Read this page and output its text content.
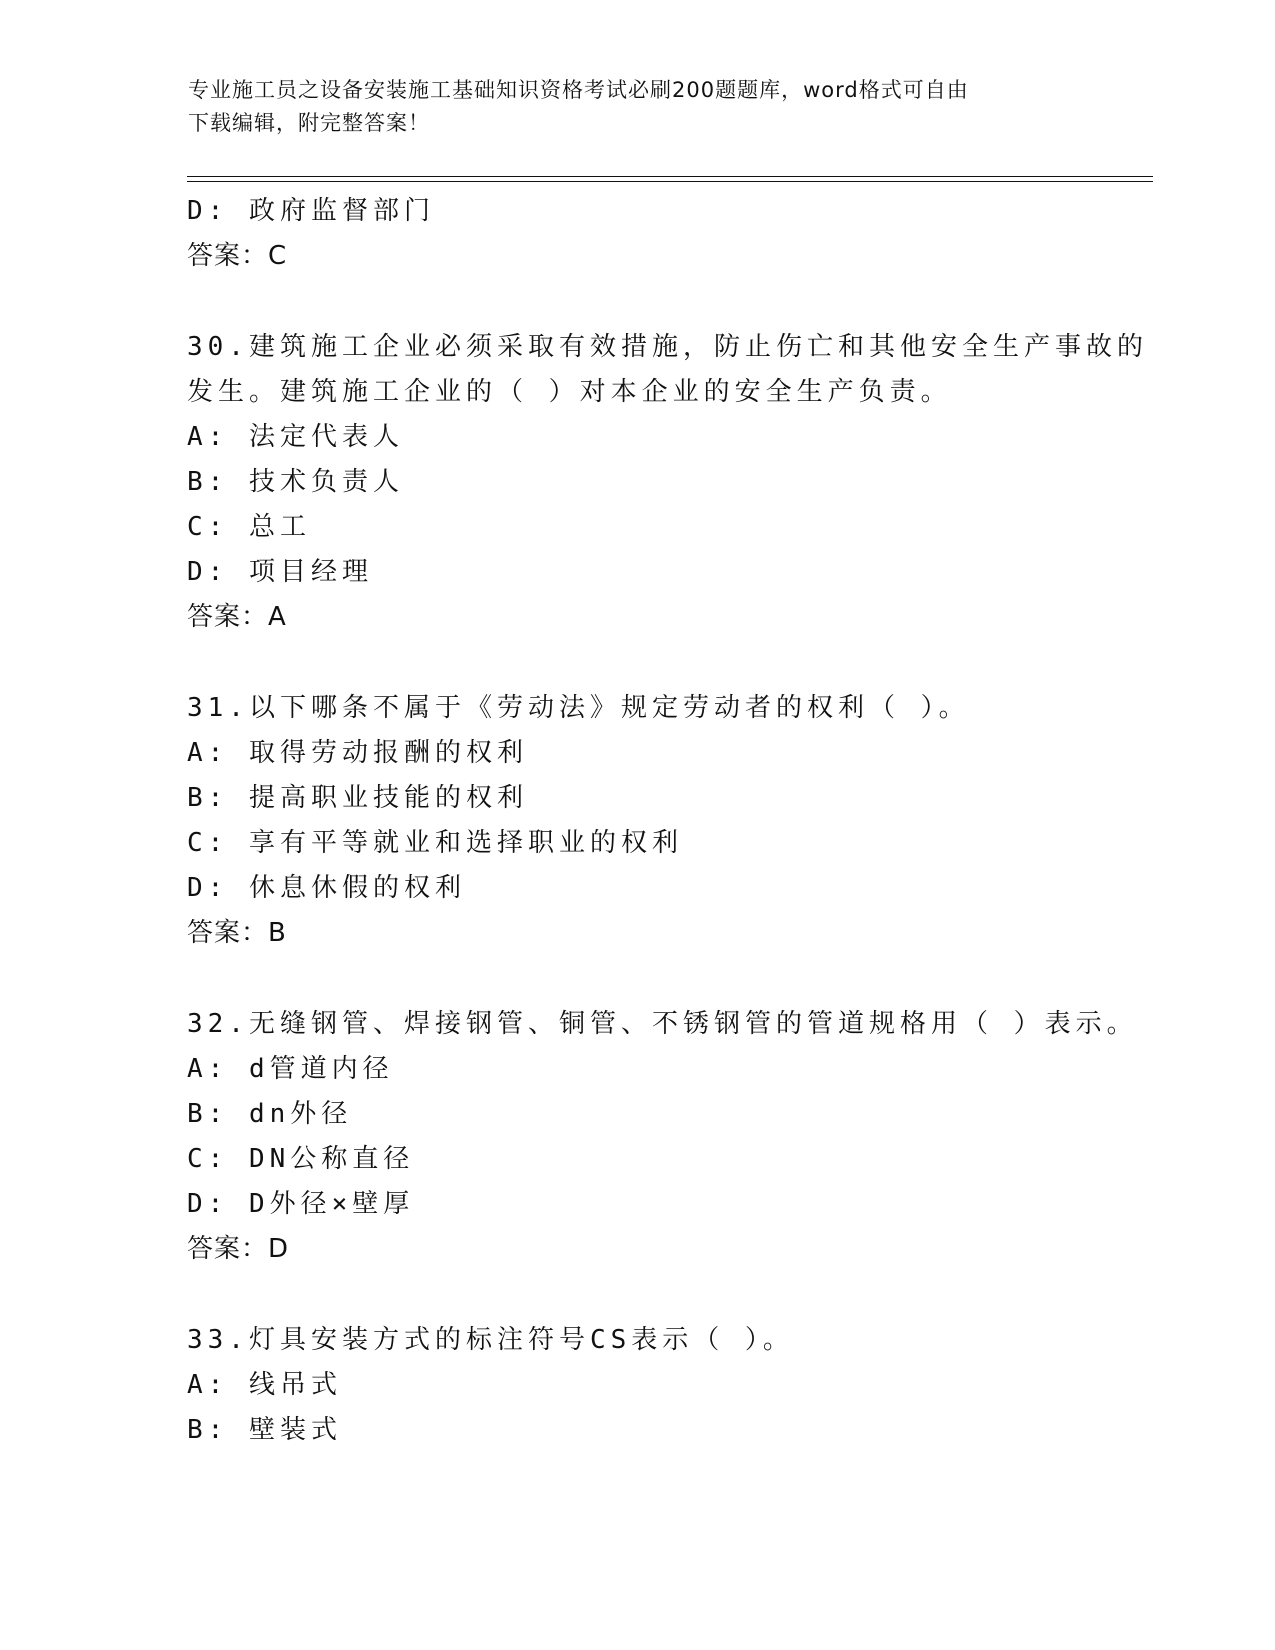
专业施工员之设备安装施工基础知识资格考试必刷200题题库，word格式可自由
下载编辑，附完整答案！
D: 政府监督部门
答案：C
30.建筑施工企业必须采取有效措施，防止伤亡和其他安全生产事故的
发生。建筑施工企业的（ ）对本企业的安全生产负责。
A: 法定代表人
B: 技术负责人
C: 总工
D: 项目经理
答案：A
31.以下哪条不属于《劳动法》规定劳动者的权利（ ）。
A: 取得劳动报酬的权利
B: 提高职业技能的权利
C: 享有平等就业和选择职业的权利
D: 休息休假的权利
答案：B
32.无缝钢管、焊接钢管、铜管、不锈钢管的管道规格用（ ）表示。
A: d管道内径
B: dn外径
C: DN公称直径
D: D外径×壁厚
答案：D
33.灯具安装方式的标注符号CS表示（ ）。
A: 线吊式
B: 壁装式
